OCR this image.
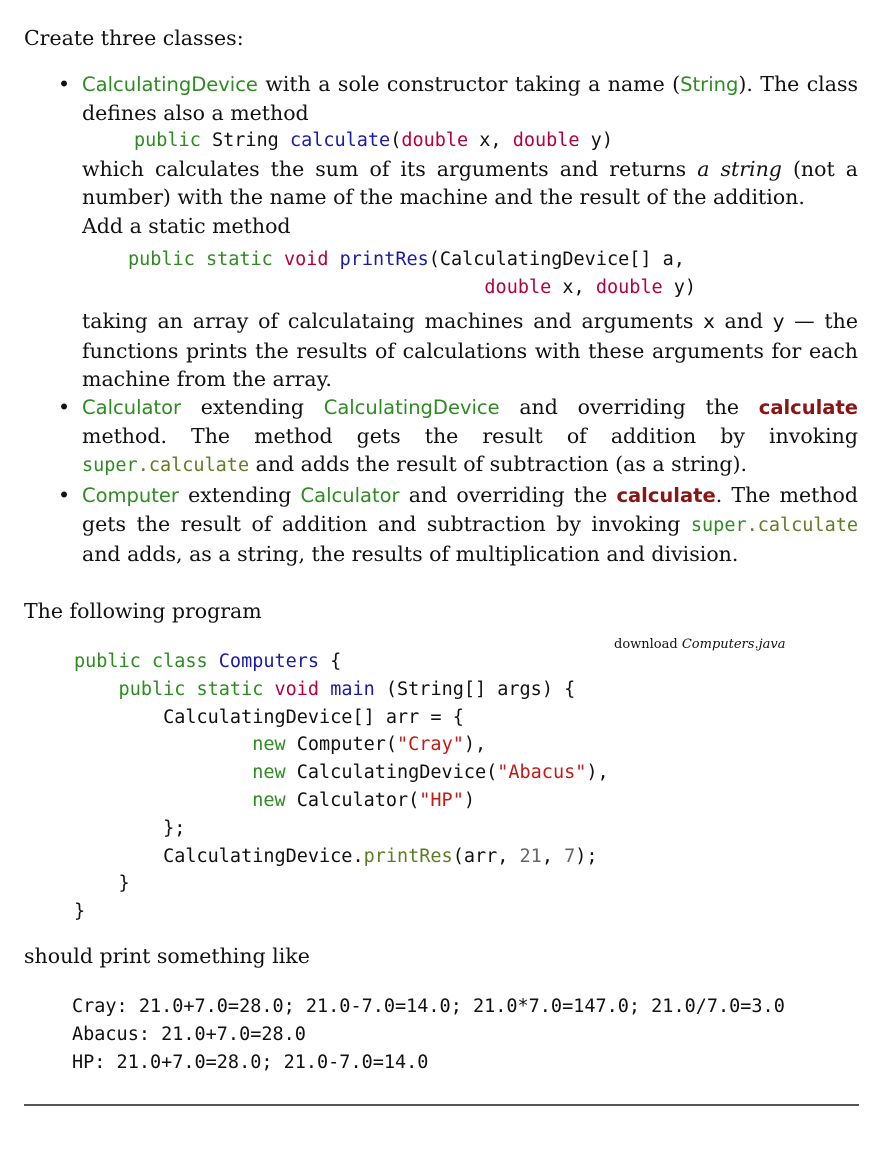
Create three classes:
• CalculatingDevice with a sole constructor taking a name (String). The class defines also a method
public String calculate(double x, double y)
which calculates the sum of its arguments and returns a string (not a number) with the name of the machine and the result of the addition.
Add a static method
public static void printRes(CalculatingDevice[] a,
double x, double y)
taking an array of calculataing machines and arguments x and y — the functions prints the results of calculations with these arguments for each machine from the array.
• Calculator extending CalculatingDevice and overriding the calculate method. The method gets the result of addition by invoking super.calculate and adds the result of subtraction (as a string).
• Computer extending Calculator and overriding the calculate. The method gets the result of addition and subtraction by invoking super.calculate and adds, as a string, the results of multiplication and division.
The following program
download Computers.java
public class Computers {
public static void main (String[] args) {
CalculatingDevice[] arr = {
new Computer("Cray"),
new CalculatingDevice("Abacus"),
new Calculator("HP")
};
CalculatingDevice.printRes(arr, 21, 7);
}
}
should print something like
Cray: 21.0+7.0=28.0; 21.0-7.0=14.0; 21.0*7.0=147.0; 21.0/7.0=3.0
Abacus: 21.0+7.0=28.0
HP: 21.0+7.0=28.0; 21.0-7.0=14.0
